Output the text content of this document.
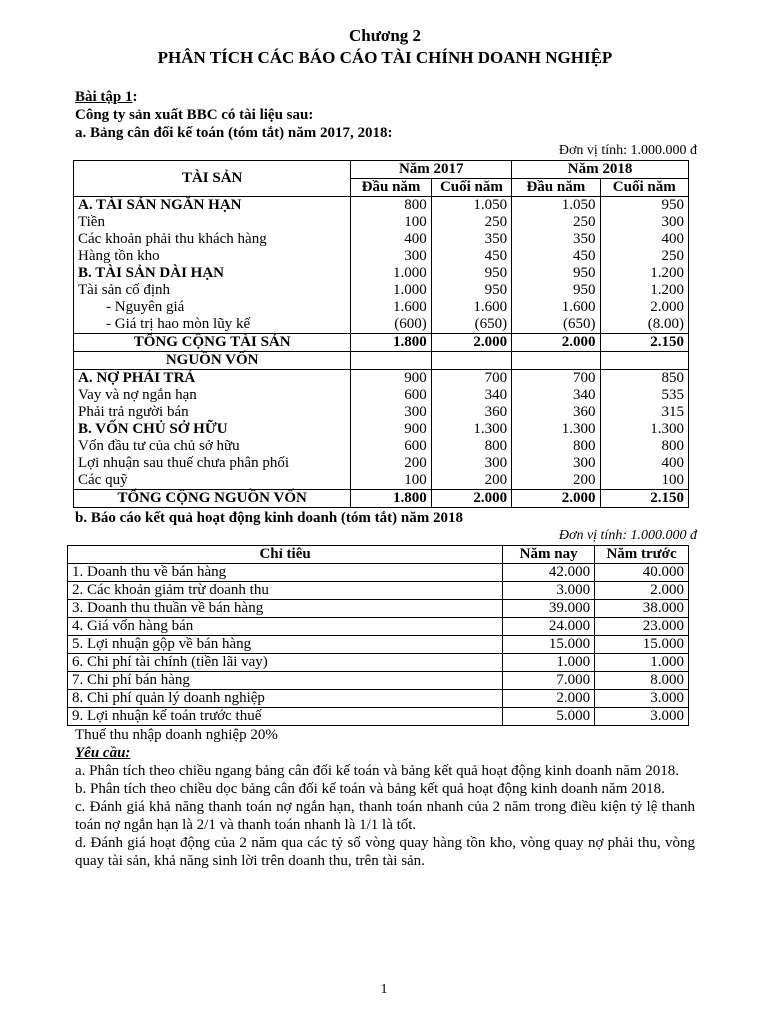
Chương 2
PHÂN TÍCH CÁC BÁO CÁO TÀI CHÍNH DOANH NGHIỆP
Bài tập 1:
Công ty sản xuất BBC có tài liệu sau:
a. Bảng cân đối kế toán (tóm tắt) năm 2017, 2018:
Đơn vị tính: 1.000.000 đ
TÀI SẢN	Năm 2017		Năm 2018	
	Đầu năm	Cuối năm	Đầu năm	Cuối năm
A. TÀI SẢN NGẮN HẠN	800	1.050	1.050	950
Tiền	100	250	250	300
Các khoản phải thu khách hàng	400	350	350	400
Hàng tồn kho	300	450	450	250
B. TÀI SẢN DÀI HẠN	1.000	950	950	1.200
Tài sản cố định	1.000	950	950	1.200
- Nguyên giá	1.600	1.600	1.600	2.000
- Giá trị hao mòn lũy kế	(600)	(650)	(650)	(8.00)
TỔNG CỘNG TÀI SẢN	1.800	2.000	2.000	2.150
NGUỒN VỐN				
A. NỢ PHẢI TRẢ	900	700	700	850
Vay và nợ ngắn hạn	600	340	340	535
Phải trả người bán	300	360	360	315
B. VỐN CHỦ SỞ HỮU	900	1.300	1.300	1.300
Vốn đầu tư của chủ sở hữu	600	800	800	800
Lợi nhuận sau thuế chưa phân phối	200	300	300	400
Các quỹ	100	200	200	100
TỔNG CỘNG NGUỒN VỐN	1.800	2.000	2.000	2.150
b. Báo cáo kết quả hoạt động kinh doanh (tóm tắt) năm 2018
Đơn vị tính: 1.000.000 đ
Chỉ tiêu	Năm nay	Năm trước
1. Doanh thu về bán hàng	42.000	40.000
2. Các khoản giảm trừ doanh thu	3.000	2.000
3. Doanh thu thuần về bán hàng	39.000	38.000
4. Giá vốn hàng bán	24.000	23.000
5. Lợi nhuận gộp về bán hàng	15.000	15.000
6. Chi phí tài chính (tiền lãi vay)	1.000	1.000
7. Chi phí bán hàng	7.000	8.000
8. Chi phí quản lý doanh nghiệp	2.000	3.000
9. Lợi nhuận kế toán trước thuế	5.000	3.000
Thuế thu nhập doanh nghiệp 20%
Yêu cầu:

a. Phân tích theo chiều ngang bảng cân đối kế toán và bảng kết quả hoạt động kinh doanh năm 2018.

b. Phân tích theo chiều dọc bảng cân đối kế toán và bảng kết quả hoạt động kinh doanh năm 2018.

c. Đánh giá khả năng thanh toán nợ ngắn hạn, thanh toán nhanh của 2 năm trong điều kiện tỷ lệ thanh toán nợ ngắn hạn là 2/1 và thanh toán nhanh là 1/1 là tốt.

d. Đánh giá hoạt động của 2 năm qua các tỷ số vòng quay hàng tồn kho, vòng quay nợ phải thu, vòng quay tài sản, khả năng sinh lời trên doanh thu, trên tài sản.

1
